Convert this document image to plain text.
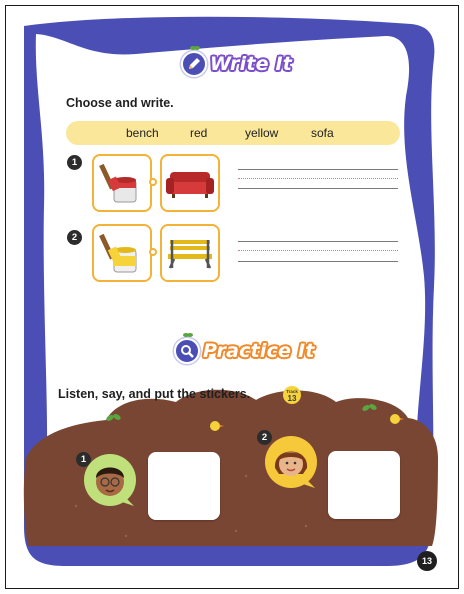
Write It
Choose and write.
bench	red	yellow	sofa
1
2
Practice It
Listen, say, and put the stickers.	Track
13
1
2
13
